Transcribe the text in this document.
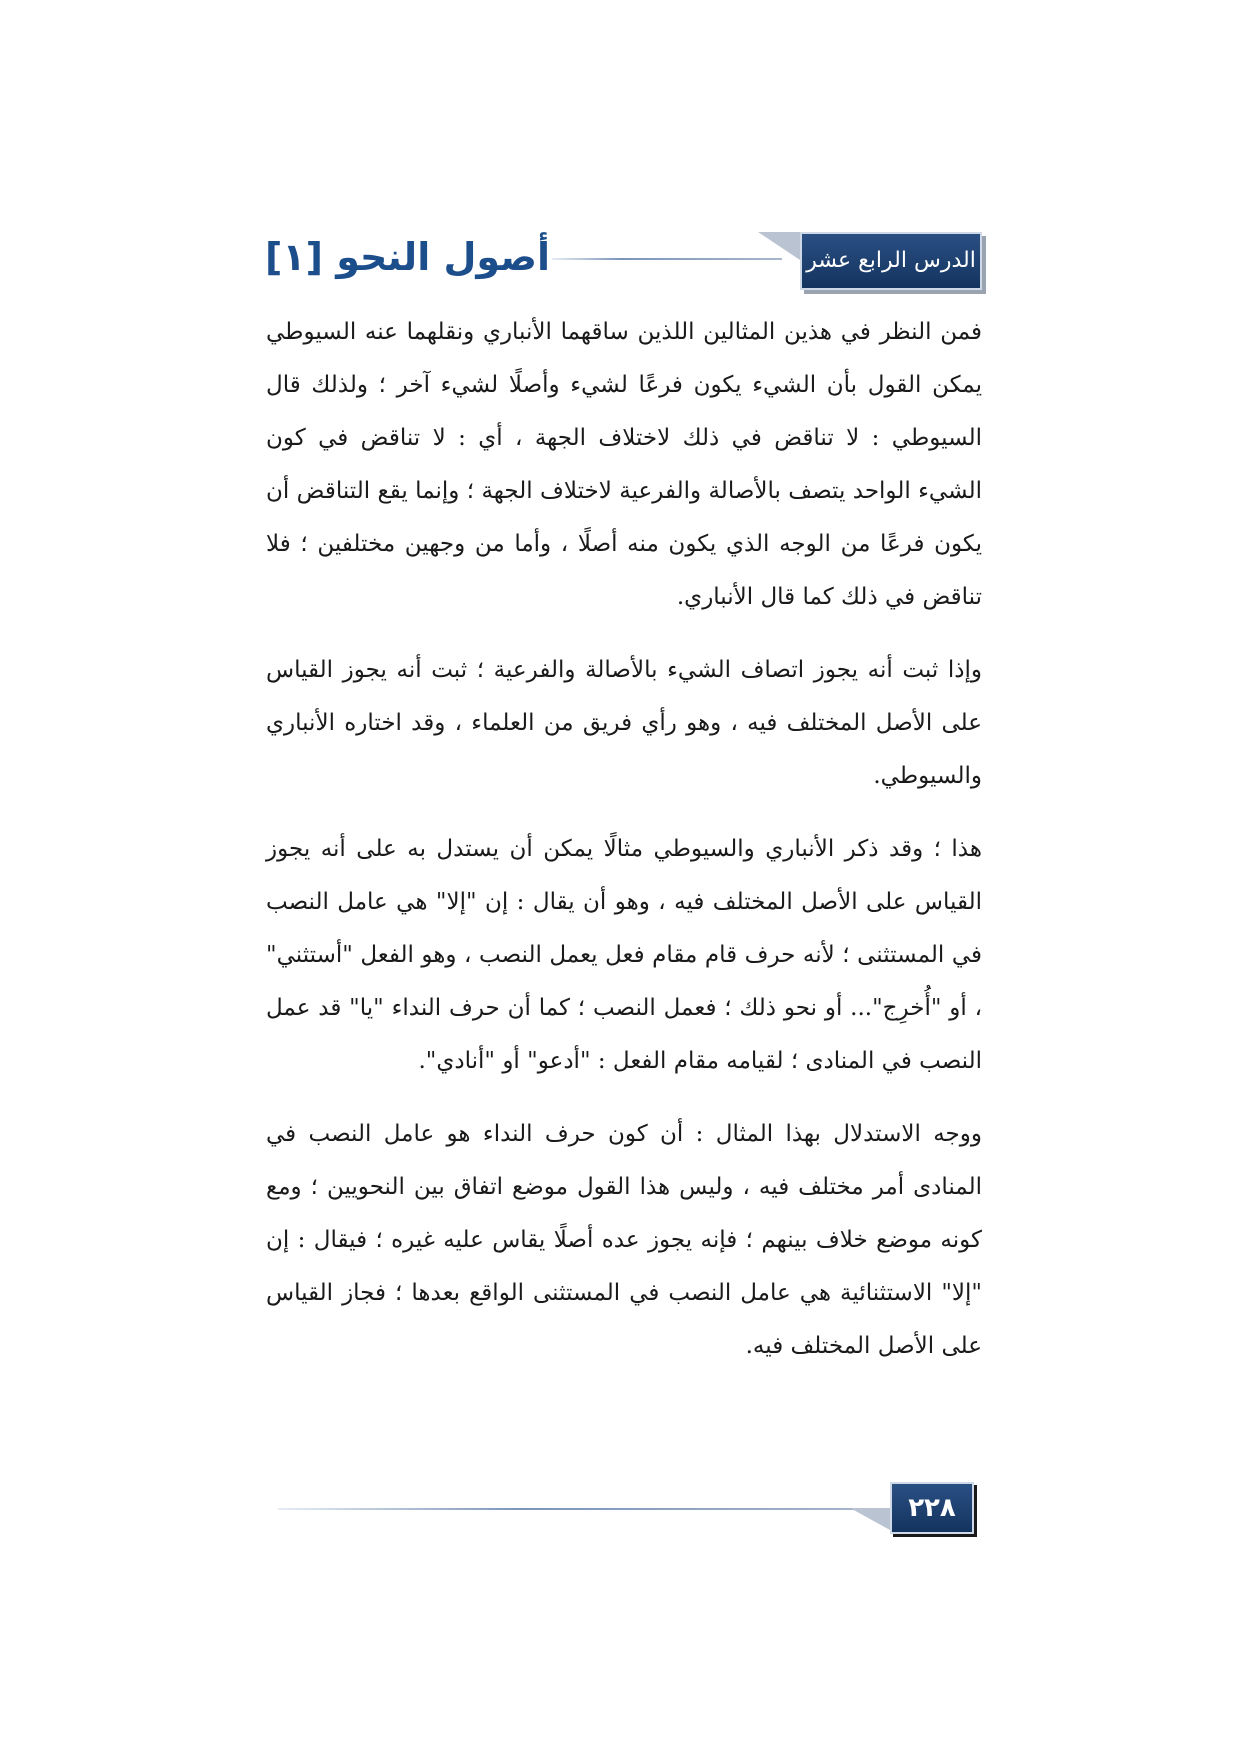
أصول النحو [١]	الدرس الرابع عشر

فمن النظر في هذين المثالين اللذين ساقهما الأنباري ونقلهما عنه السيوطي يمكن القول بأن الشيء يكون فرعًا لشيء وأصلًا لشيء آخر ؛ ولذلك قال السيوطي : لا تناقض في ذلك لاختلاف الجهة ، أي : لا تناقض في كون الشيء الواحد يتصف بالأصالة والفرعية لاختلاف الجهة ؛ وإنما يقع التناقض أن يكون فرعًا من الوجه الذي يكون منه أصلًا ، وأما من وجهين مختلفين ؛ فلا تناقض في ذلك كما قال الأنباري.

وإذا ثبت أنه يجوز اتصاف الشيء بالأصالة والفرعية ؛ ثبت أنه يجوز القياس على الأصل المختلف فيه ، وهو رأي فريق من العلماء ، وقد اختاره الأنباري والسيوطي.

هذا ؛ وقد ذكر الأنباري والسيوطي مثالًا يمكن أن يستدل به على أنه يجوز القياس على الأصل المختلف فيه ، وهو أن يقال : إن "إلا" هي عامل النصب في المستثنى ؛ لأنه حرف قام مقام فعل يعمل النصب ، وهو الفعل "أستثني" ، أو "أُخرِج"... أو نحو ذلك ؛ فعمل النصب ؛ كما أن حرف النداء "يا" قد عمل النصب في المنادى ؛ لقيامه مقام الفعل : "أدعو" أو "أنادي".

ووجه الاستدلال بهذا المثال : أن كون حرف النداء هو عامل النصب في المنادى أمر مختلف فيه ، وليس هذا القول موضع اتفاق بين النحويين ؛ ومع كونه موضع خلاف بينهم ؛ فإنه يجوز عده أصلًا يقاس عليه غيره ؛ فيقال : إن "إلا" الاستثنائية هي عامل النصب في المستثنى الواقع بعدها ؛ فجاز القياس على الأصل المختلف فيه.

٢٢٨
